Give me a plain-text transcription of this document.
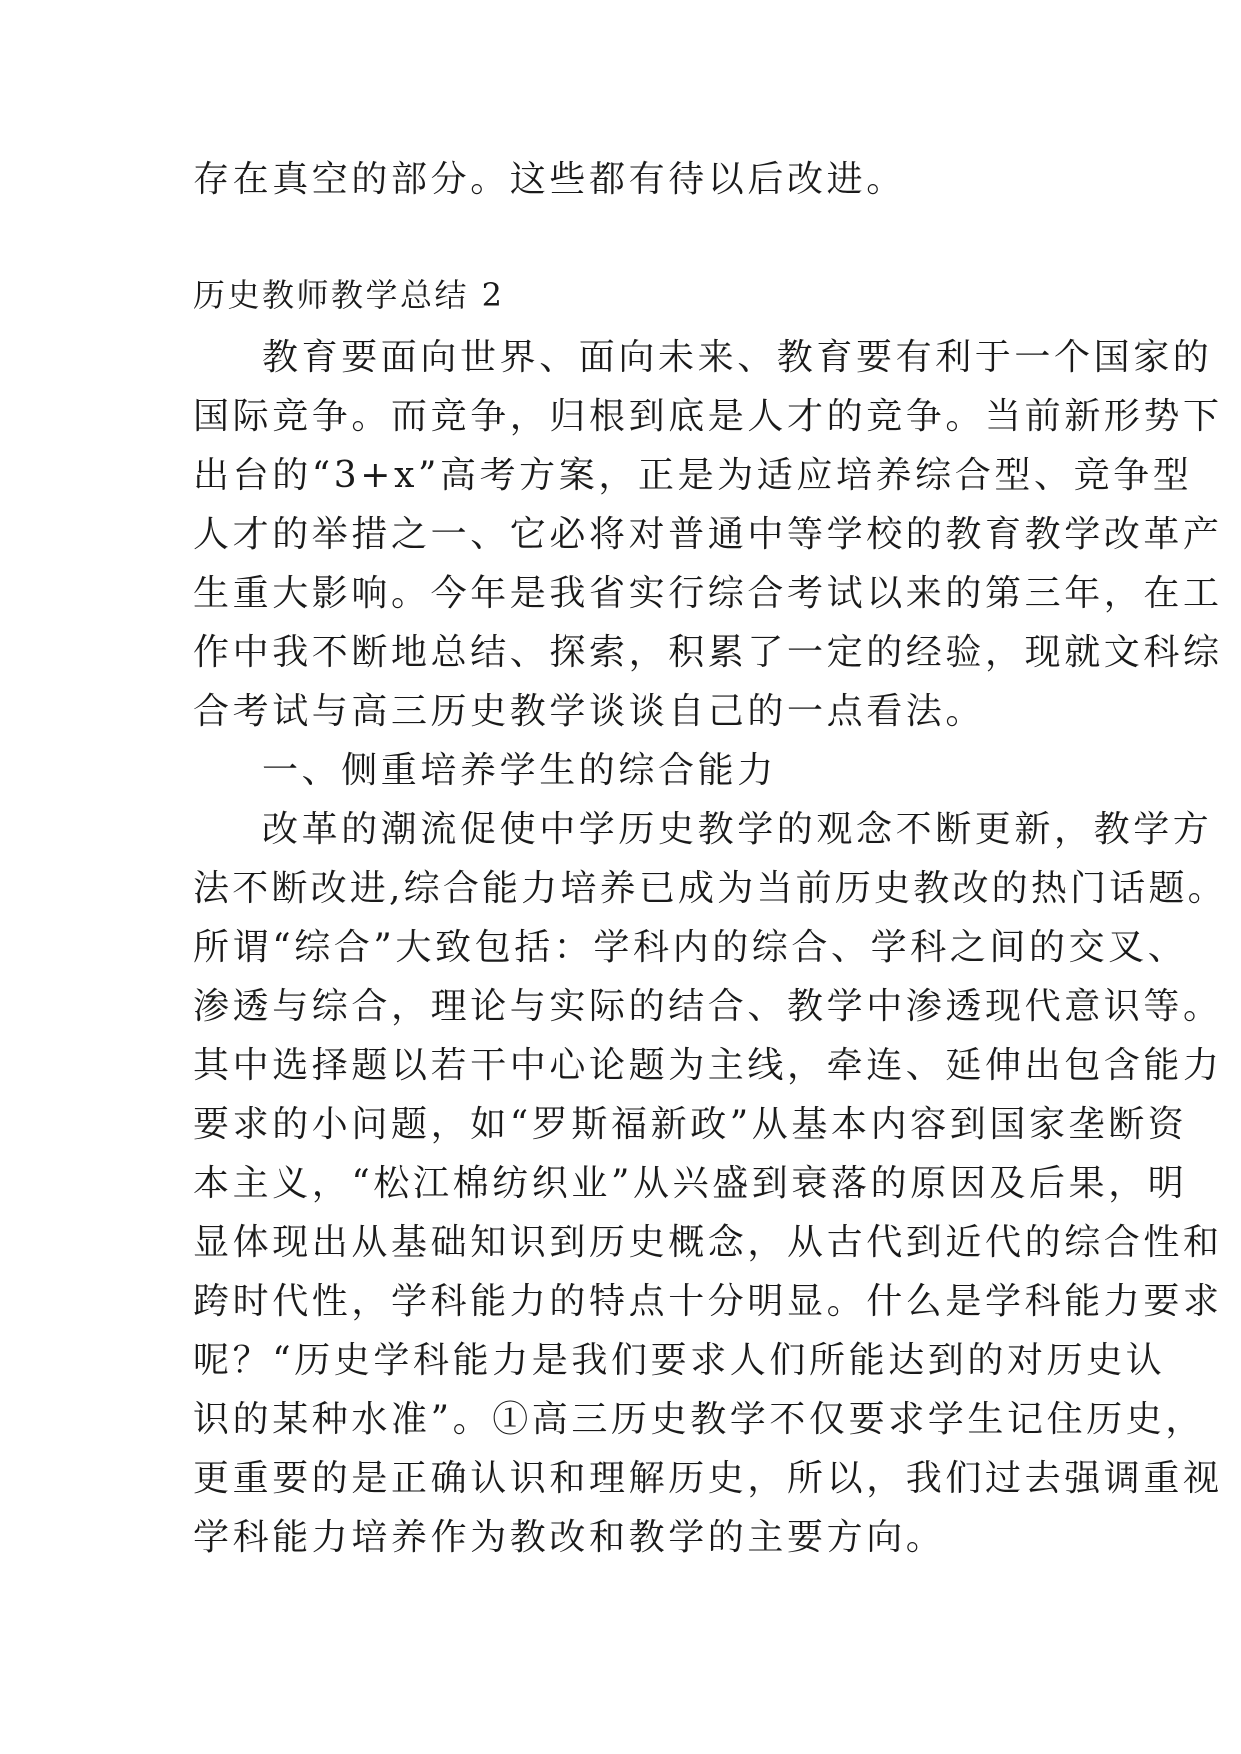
存在真空的部分。这些都有待以后改进。
历史教师教学总结 2
教育要面向世界、面向未来、教育要有利于一个国家的
国际竞争。而竞争，归根到底是人才的竞争。当前新形势下
出台的“3+x”高考方案，正是为适应培养综合型、竞争型
人才的举措之一、它必将对普通中等学校的教育教学改革产
生重大影响。今年是我省实行综合考试以来的第三年，在工
作中我不断地总结、探索，积累了一定的经验，现就文科综
合考试与高三历史教学谈谈自己的一点看法。
一、侧重培养学生的综合能力
改革的潮流促使中学历史教学的观念不断更新，教学方
法不断改进,综合能力培养已成为当前历史教改的热门话题。
所谓“综合”大致包括：学科内的综合、学科之间的交叉、
渗透与综合，理论与实际的结合、教学中渗透现代意识等。
其中选择题以若干中心论题为主线，牵连、延伸出包含能力
要求的小问题，如“罗斯福新政”从基本内容到国家垄断资
本主义，“松江棉纺织业”从兴盛到衰落的原因及后果，明
显体现出从基础知识到历史概念，从古代到近代的综合性和
跨时代性，学科能力的特点十分明显。什么是学科能力要求
呢？“历史学科能力是我们要求人们所能达到的对历史认
识的某种水准”。①高三历史教学不仅要求学生记住历史，
更重要的是正确认识和理解历史，所以，我们过去强调重视
学科能力培养作为教改和教学的主要方向。
